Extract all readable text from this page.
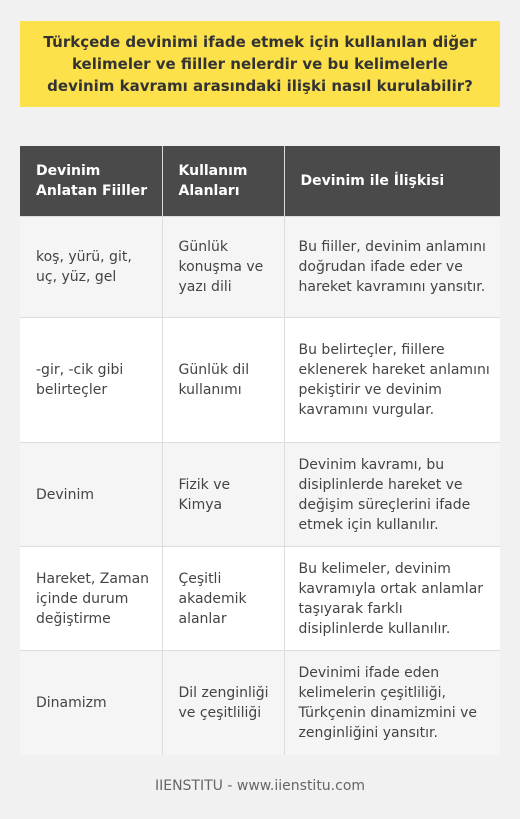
Türkçede devinimi ifade etmek için kullanılan diğer kelimeler ve fiiller nelerdir ve bu kelimelerle devinim kavramı arasındaki ilişki nasıl kurulabilir?
Devinim Anlatan Fiiller	Kullanım Alanları	Devinim ile İlişkisi
koş, yürü, git, uç, yüz, gel	Günlük konuşma ve yazı dili	Bu fiiller, devinim anlamını doğrudan ifade eder ve hareket kavramını yansıtır.
-gir, -cik gibi belirteçler	Günlük dil kullanımı	Bu belirteçler, fiillere eklenerek hareket anlamını pekiştirir ve devinim kavramını vurgular.
Devinim	Fizik ve Kimya	Devinim kavramı, bu disiplinlerde hareket ve değişim süreçlerini ifade etmek için kullanılır.
Hareket, Zaman içinde durum değiştirme	Çeşitli akademik alanlar	Bu kelimeler, devinim kavramıyla ortak anlamlar taşıyarak farklı disiplinlerde kullanılır.
Dinamizm	Dil zenginliği ve çeşitliliği	Devinimi ifade eden kelimelerin çeşitliliği, Türkçenin dinamizmini ve zenginliğini yansıtır.
IIENSTITU - www.iienstitu.com
